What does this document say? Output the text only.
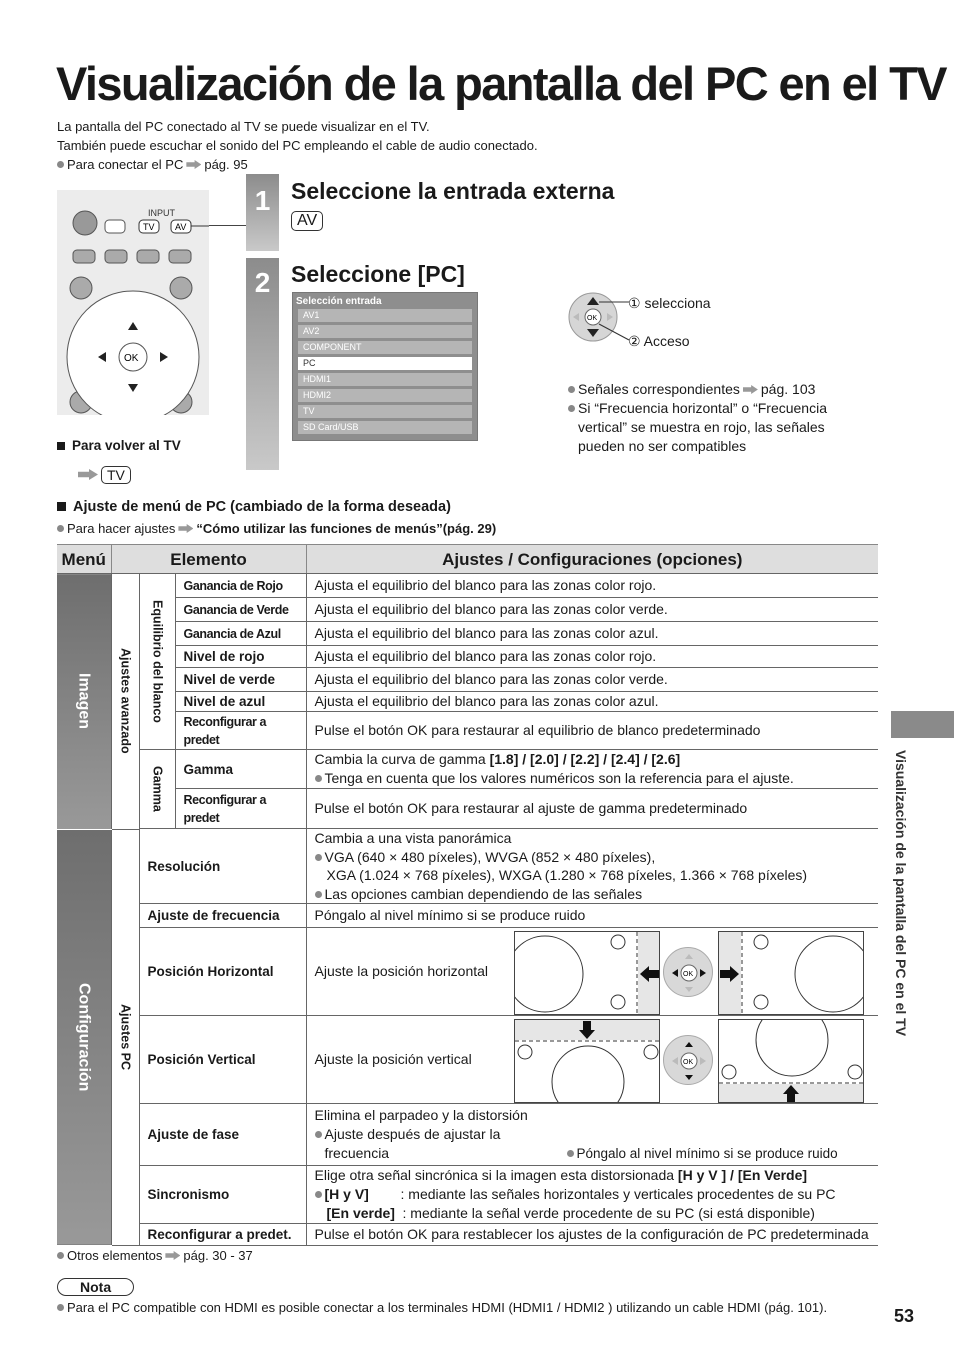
Visualización de la pantalla del PC en el TV
La pantalla del PC conectado al TV se puede visualizar en el TV.
También puede escuchar el sonido del PC empleando el cable de audio conectado.
Para conectar el PC pág. 95
INPUT
TV AV
OK
1 Seleccione la entrada externa
AV
2 Seleccione [PC]
Selección entrada
AV1
AV2
COMPONENT
PC
HDMI1
HDMI2
TV
SD Card/USB
OK
① selecciona
② Acceso
Señales correspondientes pág. 103
Si “Frecuencia horizontal” o “Frecuencia vertical” se muestra en rojo, las señales pueden no ser compatibles
Para volver al TV
TV
Ajuste de menú de PC (cambiado de la forma deseada)
Para hacer ajustes “Cómo utilizar las funciones de menús”(pág. 29)
Menú	Elemento			Ajustes / Configuraciones (opciones)

Imagen	Ajustes avanzado	Equilibrio del blanco	Ganancia de Rojo	Ajusta el equilibrio del blanco para las zonas color rojo.
			Ganancia de Verde	Ajusta el equilibrio del blanco para las zonas color verde.
			Ganancia de Azul	Ajusta el equilibrio del blanco para las zonas color azul.
			Nivel de rojo	Ajusta el equilibrio del blanco para las zonas color rojo.
			Nivel de verde	Ajusta el equilibrio del blanco para las zonas color verde.
			Nivel de azul	Ajusta el equilibrio del blanco para las zonas color azul.
			Reconfigurar a predet	Pulse el botón OK para restaurar al equilibrio de blanco predeterminado

		Gamma	Gamma	Cambia la curva de gamma [1.8] / [2.0] / [2.2] / [2.4] / [2.6]
Tenga en cuenta que los valores numéricos son la referencia para el ajuste.

			Reconfigurar a predet	Pulse el botón OK para restaurar al ajuste de gamma predeterminado

Configuración	Ajustes PC	Resolución		Cambia a una vista panorámica
VGA (640 × 480 píxeles), WVGA (852 × 480 píxeles),
XGA (1.024 × 768 píxeles), WXGA (1.280 × 768 píxeles, 1.366 × 768 píxeles)
Las opciones cambian dependiendo de las señales

		Ajuste de frecuencia		Póngalo al nivel mínimo si se produce ruido
		Posición Horizontal		Ajuste la posición horizontal OK

		Posición Vertical		Ajuste la posición vertical OK

		Ajuste de fase		Elimina el parpadeo y la distorsión
Ajuste después de ajustar la frecuencia Póngalo al nivel mínimo si se produce ruido

		Sincronismo		Elige otra señal sincrónica si la imagen esta distorsionada [H y V ] / [En Verde]
[H y V] : mediante las señales horizontales y verticales procedentes de su PC
[En verde] : mediante la señal verde procedente de su PC (si está disponible)

		Reconfigurar a predet.		Pulse el botón OK para restablecer los ajustes de la configuración de PC predeterminada
Otros elementos pág. 30 - 37
Nota
Para el PC compatible con HDMI es posible conectar a los terminales HDMI (HDMI1 / HDMI2 ) utilizando un cable HDMI (pág. 101).
Visualización de la pantalla del PC en el TV
53
